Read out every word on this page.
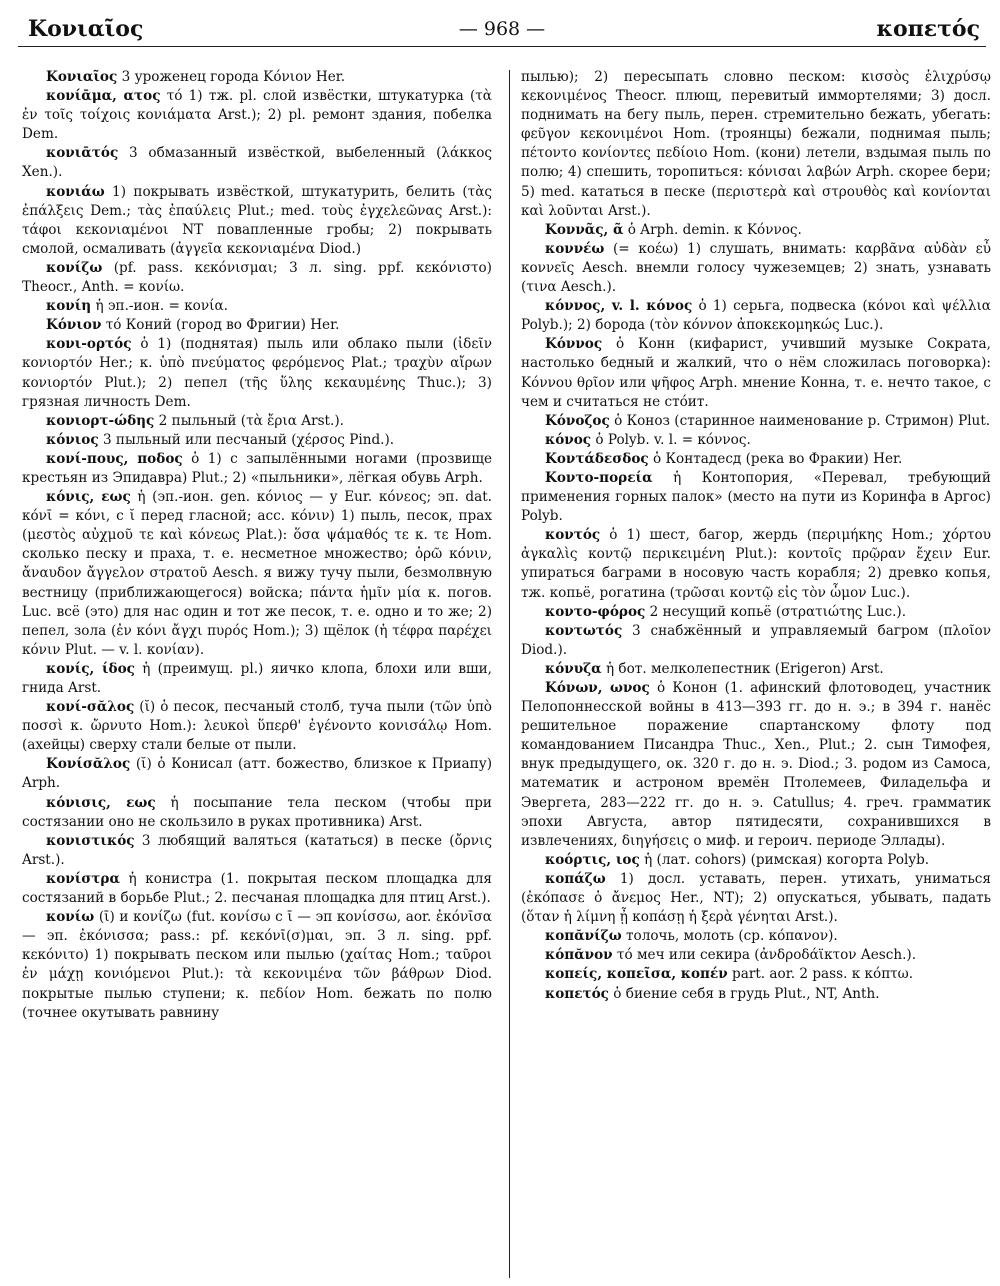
Κονιαῖος	— 968 —	κοπετός

Κονιαῖος 3 уроженец города Κόνιον Her.

κονίᾱμα, ατος τό 1) тж. pl. слой извёстки, штукатурка (τὰ ἐν τοῖς τοίχοις κονιάματα Arst.); 2) pl. ремонт здания, побелка Dem.

κονιᾱτός 3 обмазанный извёсткой, выбеленный (λάκκος Xen.).

κονιάω 1) покрывать извёсткой, штукатурить, белить (τὰς ἐπάλξεις Dem.; τὰς ἐπαύλεις Plut.; med. τοὺς ἐγχελεῶνας Arst.): τάφοι κεκονιαμένοι NT повапленные гробы; 2) покрывать смолой, осмаливать (ἀγγεῖα κεκονιαμένα Diod.)

κονίζω (pf. pass. κεκόνισμαι; 3 л. sing. ppf. κεκόνιστο) Theocr., Anth. = κονίω.

κονίη ἡ эп.-ион. = κονία.

Κόνιον τό Коний (город во Фригии) Her.

κονι-ορτός ὁ 1) (поднятая) пыль или облако пыли (ἰδεῖν κονιορτόν Her.; κ. ὑπὸ πνεύματος φερόμενος Plat.; τραχὺν αἴρων κονιορτόν Plut.); 2) пепел (τῆς ὕλης κεκαυμένης Thuc.); 3) грязная личность Dem.

κονιορτ-ώδης 2 пыльный (τὰ ἔρια Arst.).

κόνιος 3 пыльный или песчаный (χέρσος Pind.).

κονί-πους, ποδος ὁ 1) с запылёнными ногами (прозвище крестьян из Эпидавра) Plut.; 2) «пыльники», лёгкая обувь Arph.

κόνις, εως ἡ (эп.-ион. gen. κόνιος — у Eur. κόνεος; эп. dat. κόνῑ = κόνι, с ῐ перед гласной; acc. κόνιν) 1) пыль, песок, прах (μεστὸς αὐχμοῦ τε καὶ κόνεως Plat.): ὅσα ψάμαθός τε κ. τε Hom. сколько песку и праха, т. е. несметное множество; ὁρῶ κόνιν, ἄναυδον ἄγγελον στρατοῦ Aesch. я вижу тучу пыли, безмолвную вестницу (приближающегося) войска; πάντα ἡμῖν μία κ. погов. Luc. всё (это) для нас один и тот же песок, т. е. одно и то же; 2) пепел, зола (ἐν κόνι ἄγχι πυρός Hom.); 3) щёлок (ἡ τέφρα παρέχει κόνιν Plut. — v. l. κονίαν).

κονίς, ίδος ἡ (преимущ. pl.) яичко клопа, блохи или вши, гнида Arst.

κονί-σᾰλος (ῐ) ὁ песок, песчаный столб, туча пыли (τῶν ὑπὸ ποσσὶ κ. ὤρνυτο Hom.): λευκοὶ ὕπερθ' ἐγένοντο κονισάλῳ Hom. (ахейцы) сверху стали белые от пыли.

Κονίσᾰλος (ῐ) ὁ Конисал (атт. божество, близкое к Приапу) Arph.

κόνισις, εως ἡ посыпание тела песком (чтобы при состязании оно не скользило в руках противника) Arst.

κονιστικός 3 любящий валяться (кататься) в песке (ὄρνις Arst.).

κονίστρα ἡ конистра (1. покрытая песком площадка для состязаний в борьбе Plut.; 2. песчаная площадка для птиц Arst.).

κονίω (ῑ) и κονίζω (fut. κονίσω с ῑ — эп κονίσσω, aor. ἐκόνῑσα — эп. ἐκόνισσα; pass.: pf. κεκόνῑ(σ)μαι, эп. 3 л. sing. ppf. κεκόνιτο) 1) покрывать песком или пылью (χαίτας Hom.; ταῦροι ἐν μάχῃ κονιόμενοι Plut.): τὰ κεκονιμένα τῶν βάθρων Diod. покрытые пылью ступени; κ. πεδίον Hom. бежать по полю (точнее окутывать равнину

пылью); 2) пересыпать словно песком: κισσὸς ἑλιχρύσῳ κεκονιμένος Theocr. плющ, перевитый иммортелями; 3) досл. поднимать на бегу пыль, перен. стремительно бежать, убегать: φεῦγον κεκονιμένοι Hom. (троянцы) бежали, поднимая пыль; πέτοντο κονίοντες πεδίοιο Hom. (кони) летели, вздымая пыль по полю; 4) спешить, торопиться: κόνισαι λαβών Arph. скорее бери; 5) med. кататься в песке (περιστερὰ καὶ στρουθὸς καὶ κονίονται καὶ λοῦνται Arst.).

Κοννᾶς, ᾶ ὁ Arph. demin. к Κόννος.

κοννέω (= κοέω) 1) слушать, внимать: καρβᾶνα αὐδὰν εὖ κοννεῖς Aesch. внемли голосу чужеземцев; 2) знать, узнавать (τινα Aesch.).

κόννος, v. l. κόνος ὁ 1) серьга, подвеска (κόνοι καὶ ψέλλια Polyb.); 2) борода (τὸν κόννον ἀποκεκομηκώς Luc.).

Κόννος ὁ Конн (кифарист, учивший музыке Сократа, настолько бедный и жалкий, что о нём сложилась поговорка): Κόννου θρῖον или ψῆφος Arph. мнение Конна, т. е. нечто такое, с чем и считаться не стόит.

Κόνοζος ὁ Коноз (старинное наименование р. Стримон) Plut.

κόνος ὁ Polyb. v. l. = κόννος.

Κοντάδεσδος ὁ Контадесд (река во Фракии) Her.

Κοντο-πορεία ἡ Контопория, «Перевал, требующий применения горных палок» (место на пути из Коринфа в Аргос) Polyb.

κοντός ὁ 1) шест, багор, жердь (περιμήκης Hom.; χόρτου ἀγκαλὶς κοντῷ περικειμένη Plut.): κοντοῖς πρῷραν ἔχειν Eur. упираться баграми в носовую часть корабля; 2) древко копья, тж. копьё, рогатина (τρῶσαι κοντῷ εἰς τὸν ὦμον Luc.).

κοντο-φόρος 2 несущий копьё (στρατιώτης Luc.).

κοντωτός 3 снабжённый и управляемый багром (πλοῖον Diod.).

κόνυζα ἡ бот. мелколепестник (Erigeron) Arst.

Κόνων, ωνος ὁ Конон (1. афинский флотоводец, участник Пелопоннесской войны в 413—393 гг. до н. э.; в 394 г. нанёс решительное поражение спартанскому флоту под командованием Писандра Thuc., Xen., Plut.; 2. сын Тимофея, внук предыдущего, ок. 320 г. до н. э. Diod.; 3. родом из Самоса, математик и астроном времён Птолемеев, Филадельфа и Эвергета, 283—222 гг. до н. э. Catullus; 4. греч. грамматик эпохи Августа, автор пятидесяти, сохранившихся в извлечениях, διηγήσεις о миф. и героич. периоде Эллады).

κοόρτις, ιος ἡ (лат. cohors) (римская) когорта Polyb.

κοπάζω 1) досл. уставать, перен. утихать, униматься (ἐκόπασε ὁ ἄνεμος Her., NT); 2) опускаться, убывать, падать (ὅταν ἡ λίμνη ᾖ κοπάσῃ ἡ ξερὰ γένηται Arst.).

κοπᾰνίζω толочь, молоть (ср. κόπανον).

κόπᾰνον τό меч или секира (ἀνδροδάϊκτον Aesch.).

κοπείς, κοπεῖσα, κοπέν part. aor. 2 pass. к κόπτω.

κοπετός ὁ биение себя в грудь Plut., NT, Anth.
